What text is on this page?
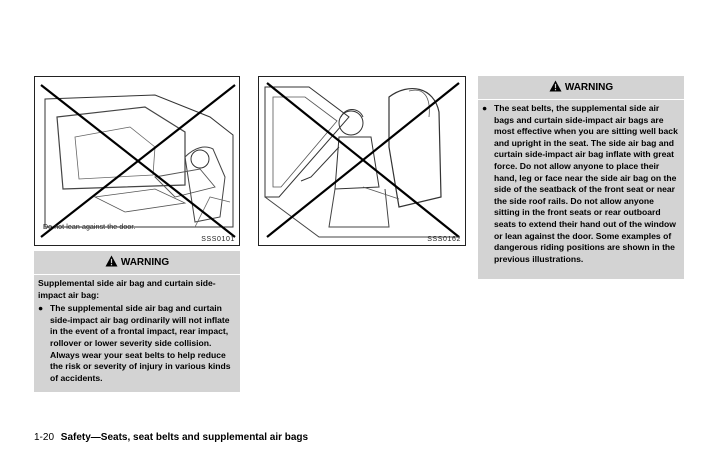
Do not lean against the door.
SSS0101	SSS0162
WARNING

Supplemental side air bag and curtain side-impact air bag:

● The supplemental side air bag and curtain side-impact air bag ordinarily will not inflate in the event of a frontal impact, rear impact, rollover or lower severity side collision. Always wear your seat belts to help reduce the risk or severity of injury in various kinds of accidents.
WARNING
● The seat belts, the supplemental side air bags and curtain side-impact air bags are most effective when you are sitting well back and upright in the seat. The side air bag and curtain side-impact air bag inflate with great force. Do not allow anyone to place their hand, leg or face near the side air bag on the side of the seatback of the front seat or near the side roof rails. Do not allow anyone sitting in the front seats or rear outboard seats to extend their hand out of the window or lean against the door. Some examples of dangerous riding positions are shown in the previous illustrations.
1-20 Safety—Seats, seat belts and supplemental air bags
